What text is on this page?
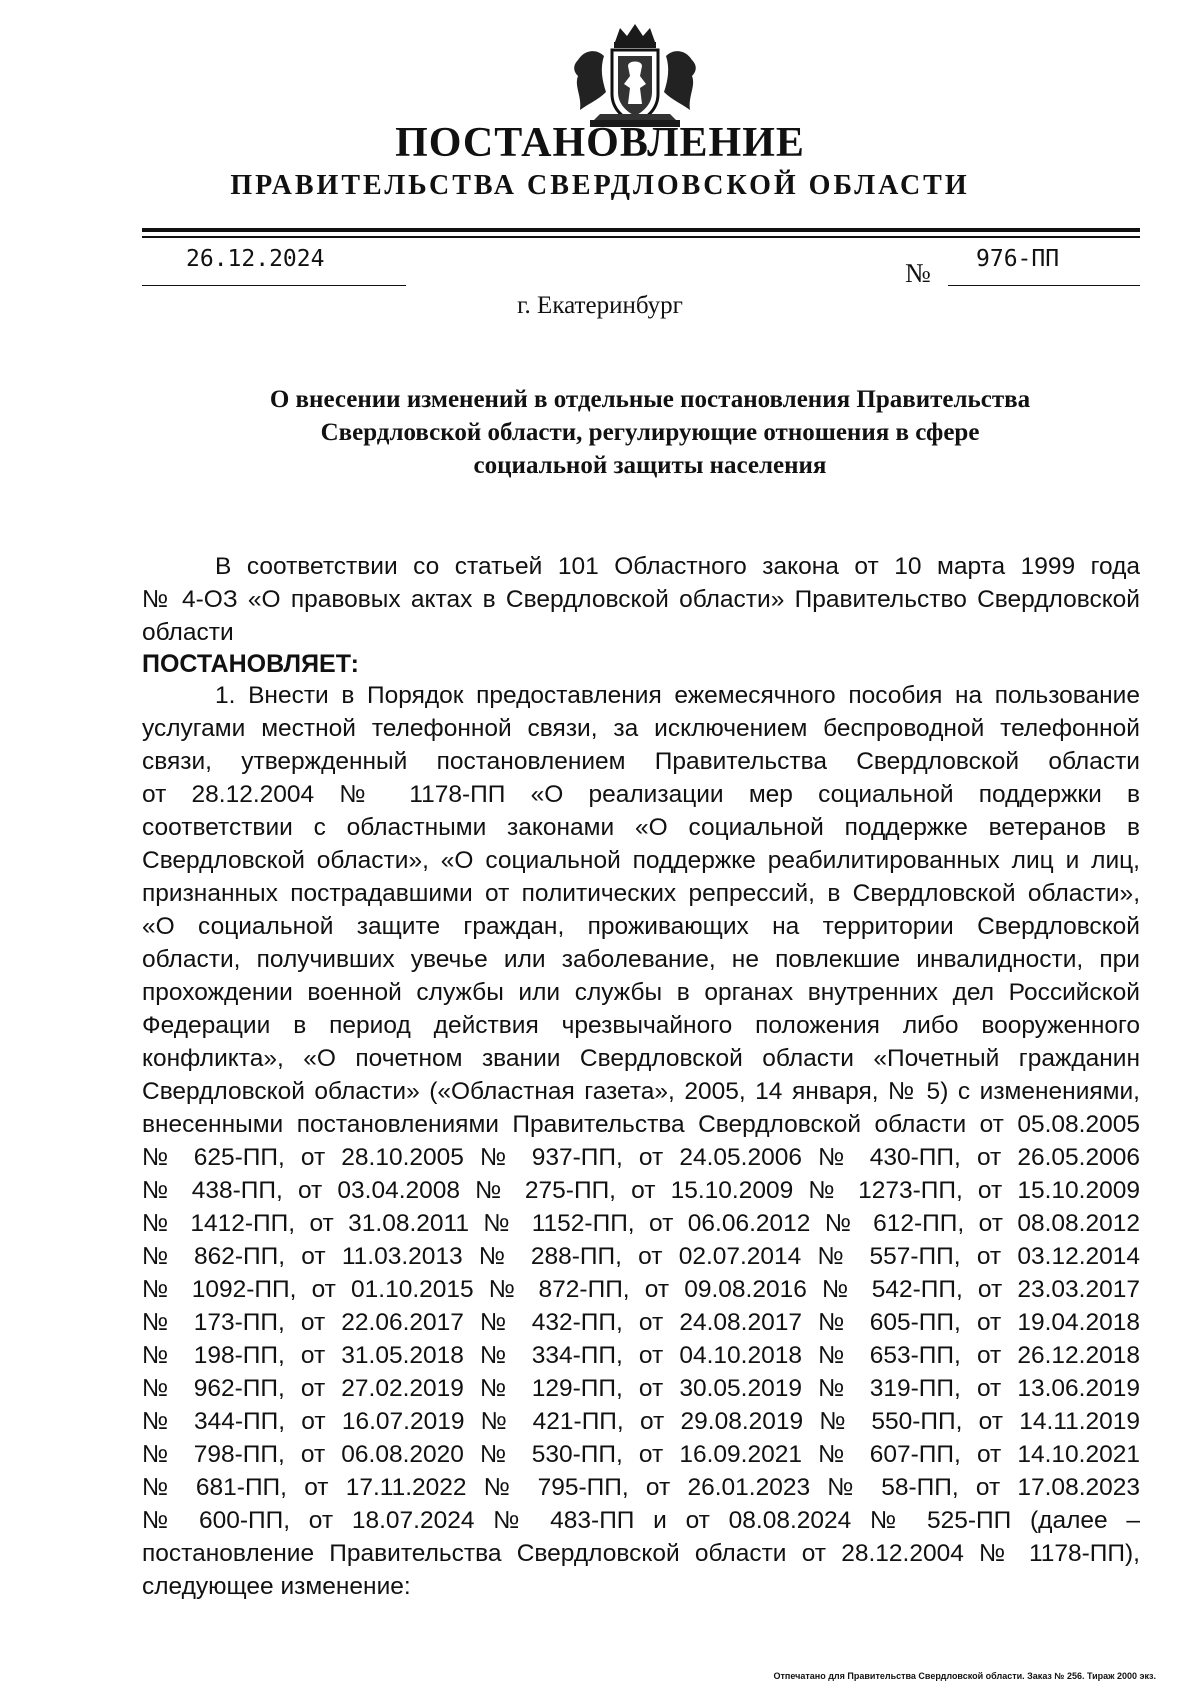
ПОСТАНОВЛЕНИЕ
ПРАВИТЕЛЬСТВА СВЕРДЛОВСКОЙ ОБЛАСТИ
26.12.2024	№ 976-ПП
г. Екатеринбург
О внесении изменений в отдельные постановления Правительства
Свердловской области, регулирующие отношения в сфере
социальной защиты населения
В соответствии со статьей 101 Областного закона от 10 марта 1999 года
№ 4-ОЗ «О правовых актах в Свердловской области» Правительство Свердловской
области
ПОСТАНОВЛЯЕТ:
1. Внести в Порядок предоставления ежемесячного пособия на пользование
услугами местной телефонной связи, за исключением беспроводной телефонной
связи, утвержденный постановлением Правительства Свердловской области
от 28.12.2004 № 1178-ПП «О реализации мер социальной поддержки в
соответствии с областными законами «О социальной поддержке ветеранов в
Свердловской области», «О социальной поддержке реабилитированных лиц и лиц,
признанных пострадавшими от политических репрессий, в Свердловской области»,
«О социальной защите граждан, проживающих на территории Свердловской
области, получивших увечье или заболевание, не повлекшие инвалидности, при
прохождении военной службы или службы в органах внутренних дел Российской
Федерации в период действия чрезвычайного положения либо вооруженного
конфликта», «О почетном звании Свердловской области «Почетный гражданин
Свердловской области» («Областная газета», 2005, 14 января, № 5) с изменениями,
внесенными постановлениями Правительства Свердловской области от 05.08.2005
№ 625-ПП, от 28.10.2005 № 937-ПП, от 24.05.2006 № 430-ПП, от 26.05.2006
№ 438-ПП, от 03.04.2008 № 275-ПП, от 15.10.2009 № 1273-ПП, от 15.10.2009
№ 1412-ПП, от 31.08.2011 № 1152-ПП, от 06.06.2012 № 612-ПП, от 08.08.2012
№ 862-ПП, от 11.03.2013 № 288-ПП, от 02.07.2014 № 557-ПП, от 03.12.2014
№ 1092-ПП, от 01.10.2015 № 872-ПП, от 09.08.2016 № 542-ПП, от 23.03.2017
№ 173-ПП, от 22.06.2017 № 432-ПП, от 24.08.2017 № 605-ПП, от 19.04.2018
№ 198-ПП, от 31.05.2018 № 334-ПП, от 04.10.2018 № 653-ПП, от 26.12.2018
№ 962-ПП, от 27.02.2019 № 129-ПП, от 30.05.2019 № 319-ПП, от 13.06.2019
№ 344-ПП, от 16.07.2019 № 421-ПП, от 29.08.2019 № 550-ПП, от 14.11.2019
№ 798-ПП, от 06.08.2020 № 530-ПП, от 16.09.2021 № 607-ПП, от 14.10.2021
№ 681-ПП, от 17.11.2022 № 795-ПП, от 26.01.2023 № 58-ПП, от 17.08.2023
№ 600-ПП, от 18.07.2024 № 483-ПП и от 08.08.2024 № 525-ПП (далее –
постановление Правительства Свердловской области от 28.12.2004 № 1178-ПП),
следующее изменение:
Отпечатано для Правительства Свердловской области. Заказ № 256. Тираж 2000 экз.
